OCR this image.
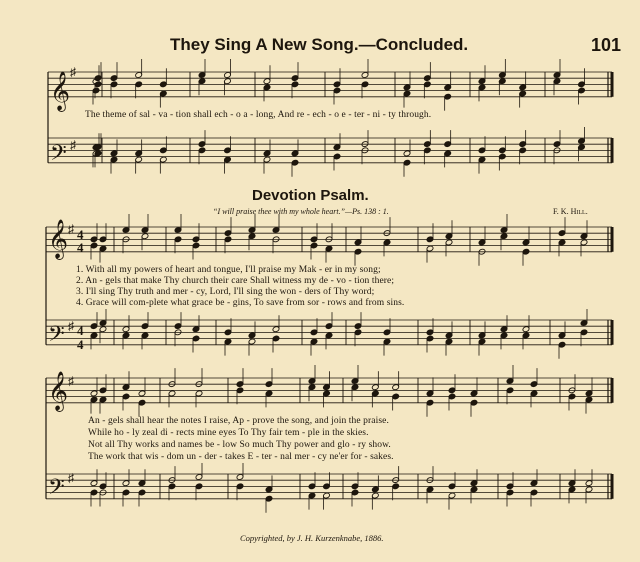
They Sing A New Song.—Concluded.	101
The theme of sal - va - tion shall ech - o a - long, And re - ech - o e - ter - ni - ty through.
Devotion Psalm.
“I will praise thee with my whole heart.”—Ps. 138 : 1.	F. K. Hill.
1. With all my powers of heart and tongue, I'll praise my Mak - er in my song;
2. An - gels that make Thy church their care Shall witness my de - vo - tion there;
3. I'll sing Thy truth and mer - cy, Lord, I'll sing the won - ders of Thy word;
4. Grace will com-plete what grace be - gins, To save from sor - rows and from sins.
An - gels shall hear the notes I raise, Ap - prove the song, and join the praise.
While ho - ly zeal di - rects mine eyes To Thy fair tem - ple in the skies.
Not all Thy works and names be - low So much Thy power and glo - ry show.
The work that wis - dom un - der - takes E - ter - nal mer - cy ne'er for - sakes.
Copyrighted, by J. H. Kurzenknabe, 1886.
𝄞
𝄞
𝄞
𝄢
𝄢
𝄢
♯
♯
♯
♯
♯
♯
4
4
4
4
